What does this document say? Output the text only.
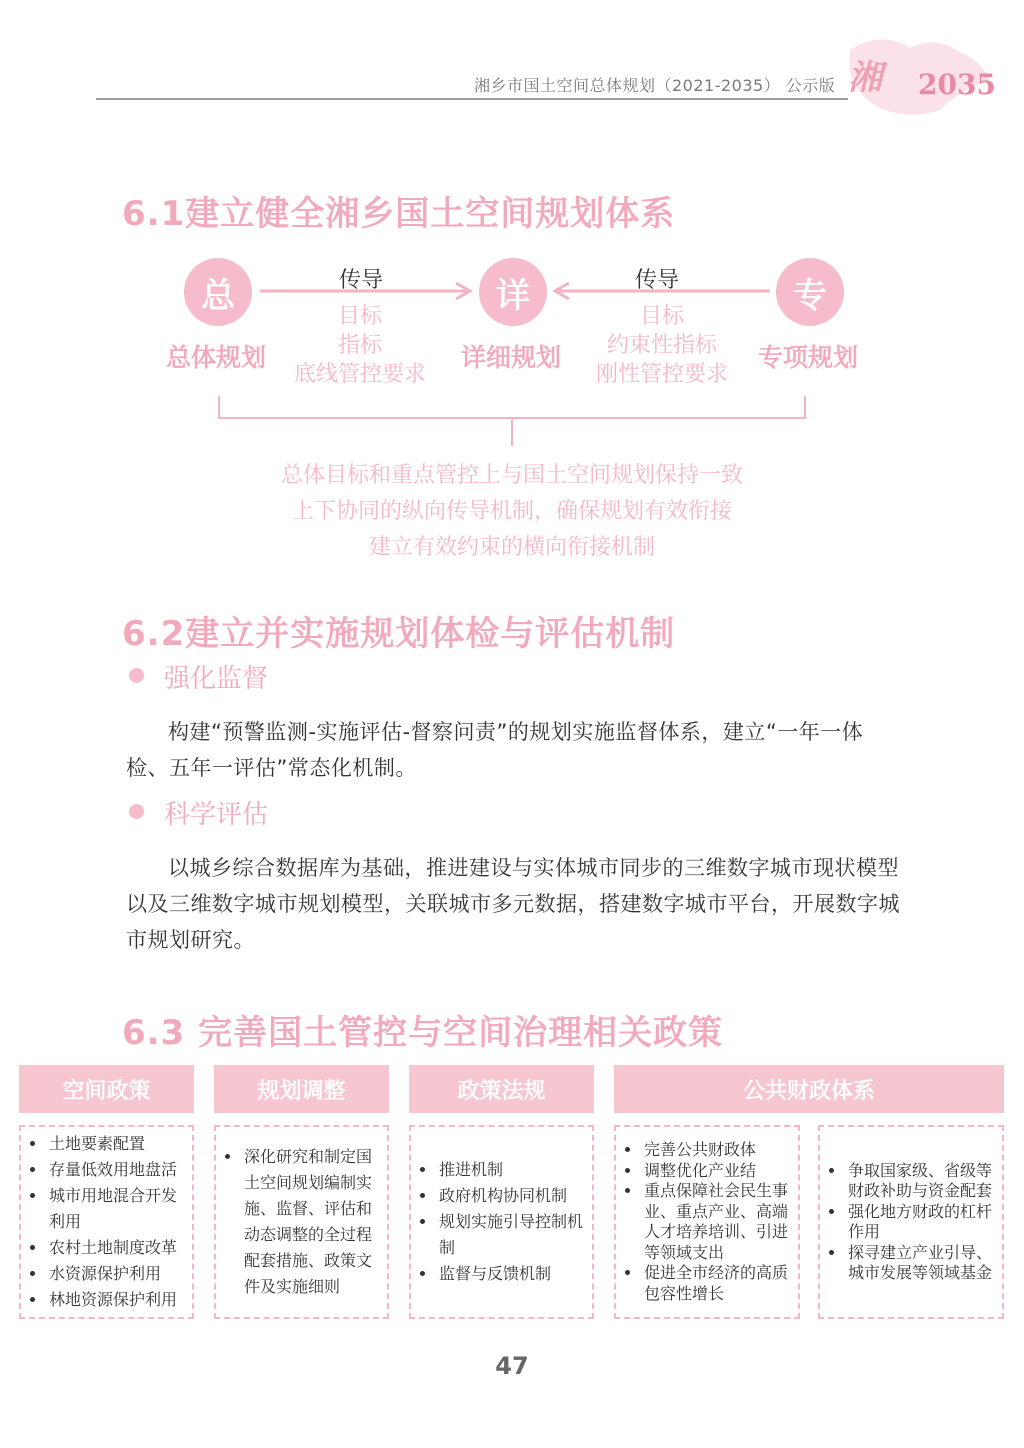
湘乡市国土空间总体规划（2021-2035） 公示版 湘 2035
6.1建立健全湘乡国土空间规划体系
总	详	专
总体规划	详细规划	专项规划
传导	传导
目标
指标
底线管控要求
目标
约束性指标
刚性管控要求
总体目标和重点管控上与国土空间规划保持一致
上下协同的纵向传导机制，确保规划有效衔接
建立有效约束的横向衔接机制
6.2建立并实施规划体检与评估机制
强化监督

构建“预警监测-实施评估-督察问责”的规划实施监督体系，建立“一年一体检、五年一评估”常态化机制。

科学评估

以城乡综合数据库为基础，推进建设与实体城市同步的三维数字城市现状模型以及三维数字城市规划模型，关联城市多元数据，搭建数字城市平台，开展数字城市规划研究。

6.3 完善国土管控与空间治理相关政策
空间政策
• 土地要素配置
• 存量低效用地盘活
• 城市用地混合开发利用
• 农村土地制度改革
• 水资源保护利用
• 林地资源保护利用
规划调整
• 深化研究和制定国土空间规划编制实施、监督、评估和动态调整的全过程配套措施、政策文件及实施细则
政策法规
• 推进机制
• 政府机构协同机制
• 规划实施引导控制机制
• 监督与反馈机制
公共财政体系
• 完善公共财政体
• 调整优化产业结
• 重点保障社会民生事业、重点产业、高端人才培养培训、引进等领域支出
• 促进全市经济的高质包容性增长
• 争取国家级、省级等财政补助与资金配套
• 强化地方财政的杠杆作用
• 探寻建立产业引导、城市发展等领域基金
47
